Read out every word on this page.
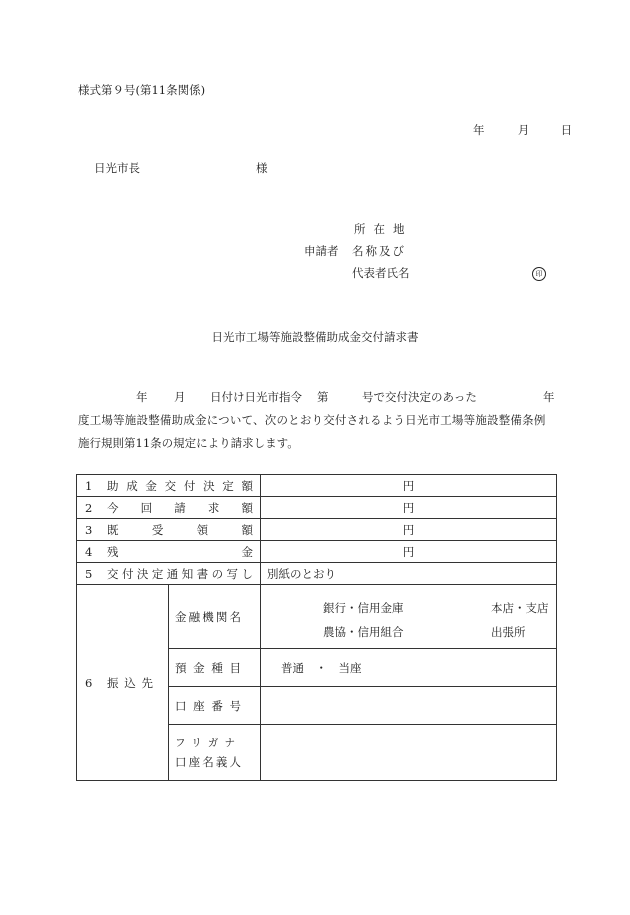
様式第９号(第11条関係)
年	月	日
日光市長	様
申請者
所在地
名称及び
代表者氏名	印
日光市工場等施設整備助成金交付請求書
年 月 日付け日光市指令 第	号で交付決定のあった	年
度工場等施設整備助成金について、次のとおり交付されるよう日光市工場等施設整備条例
施行規則第11条の規定により請求します。
1 助成金交付決定額		円
2 今回請求額		円
3 既受領額		円
4 残金		円
5 交付決定通知書の写し		別紙のとおり
6 振込先	金融機関名	銀行・信用金庫
農協・信用組合
本店・支店
出張所

	預金種目	普通　・　当座
	口座番号	
	フリガナ 口座名義人	
